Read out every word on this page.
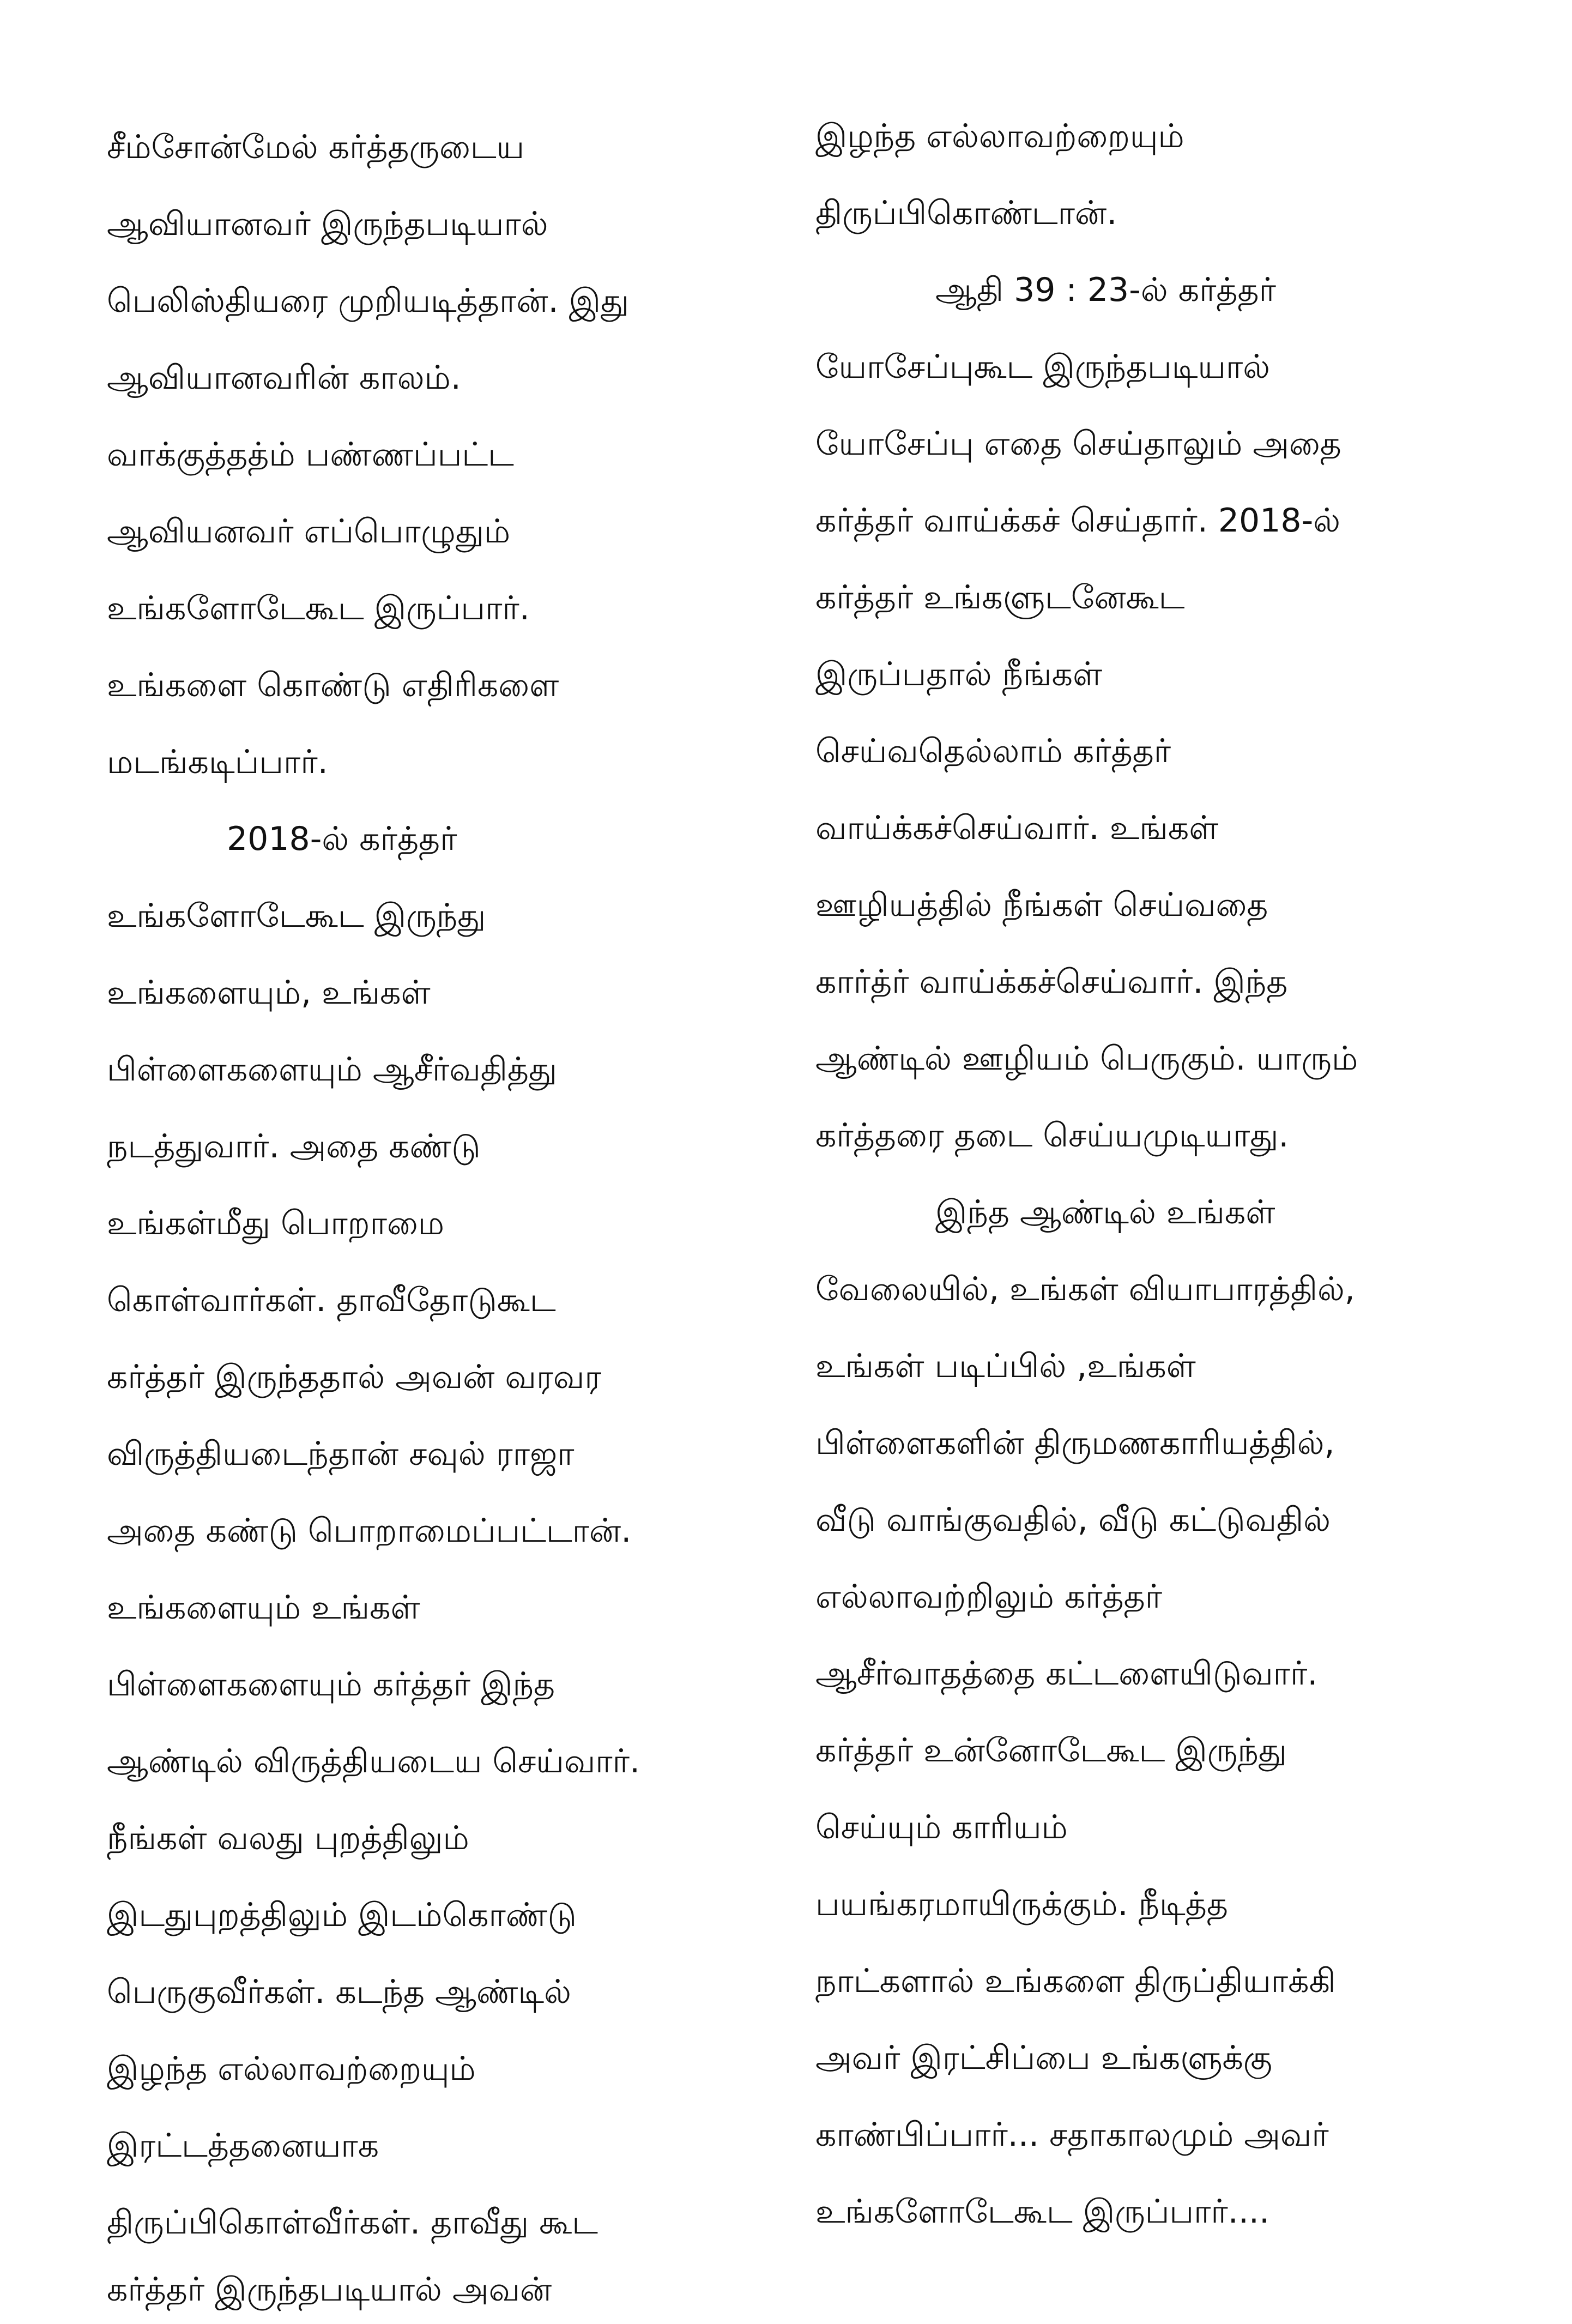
சீம்சோன்மேல் கர்த்தருடைய
ஆவியானவர் இருந்தபடியால்
பெலிஸ்தியரை முறியடித்தான். இது
ஆவியானவரின் காலம்.
வாக்குத்தத்ம் பண்ணப்பட்ட
ஆவியனவர் எப்பொழுதும்
உங்களோடேகூட இருப்பார்.
உங்களை கொண்டு எதிரிகளை
மடங்கடிப்பார்.
2018-ல் கர்த்தர்
உங்களோடேகூட இருந்து
உங்களையும், உங்கள்
பிள்ளைகளையும் ஆசீர்வதித்து
நடத்துவார். அதை கண்டு
உங்கள்மீது பொறாமை
கொள்வார்கள். தாவீதோடுகூட
கர்த்தர் இருந்ததால் அவன் வரவர
விருத்தியடைந்தான் சவுல் ராஜா
அதை கண்டு பொறாமைப்பட்டான்.
உங்களையும் உங்கள்
பிள்ளைகளையும் கர்த்தர் இந்த
ஆண்டில் விருத்தியடைய செய்வார்.
நீங்கள் வலது புறத்திலும்
இடதுபுறத்திலும் இடம்கொண்டு
பெருகுவீர்கள். கடந்த ஆண்டில்
இழந்த எல்லாவற்றையும்
இரட்டத்தனையாக
திருப்பிகொள்வீர்கள். தாவீது கூட
கர்த்தர் இருந்தபடியால் அவன்
இழந்த எல்லாவற்றையும்
திருப்பிகொண்டான்.
ஆதி 39 : 23-ல் கர்த்தர்
யோசேப்புகூட இருந்தபடியால்
யோசேப்பு எதை செய்தாலும் அதை
கர்த்தர் வாய்க்கச் செய்தார். 2018-ல்
கர்த்தர் உங்களுடனேகூட
இருப்பதால் நீங்கள்
செய்வதெல்லாம் கர்த்தர்
வாய்க்கச்செய்வார். உங்கள்
ஊழியத்தில் நீங்கள் செய்வதை
கார்த்ர் வாய்க்கச்செய்வார். இந்த
ஆண்டில் ஊழியம் பெருகும். யாரும்
கர்த்தரை தடை செய்யமுடியாது.
இந்த ஆண்டில் உங்கள்
வேலையில், உங்கள் வியாபாரத்தில்,
உங்கள் படிப்பில் ,உங்கள்
பிள்ளைகளின் திருமணகாரியத்தில்,
வீடு வாங்குவதில், வீடு கட்டுவதில்
எல்லாவற்றிலும் கர்த்தர்
ஆசீர்வாதத்தை கட்டளையிடுவார்.
கர்த்தர் உன்னோடேகூட இருந்து
செய்யும் காரியம்
பயங்கரமாயிருக்கும். நீடித்த
நாட்களால் உங்களை திருப்தியாக்கி
அவர் இரட்சிப்பை உங்களுக்கு
காண்பிப்பார்... சதாகாலமும் அவர்
உங்களோடேகூட இருப்பார்....
